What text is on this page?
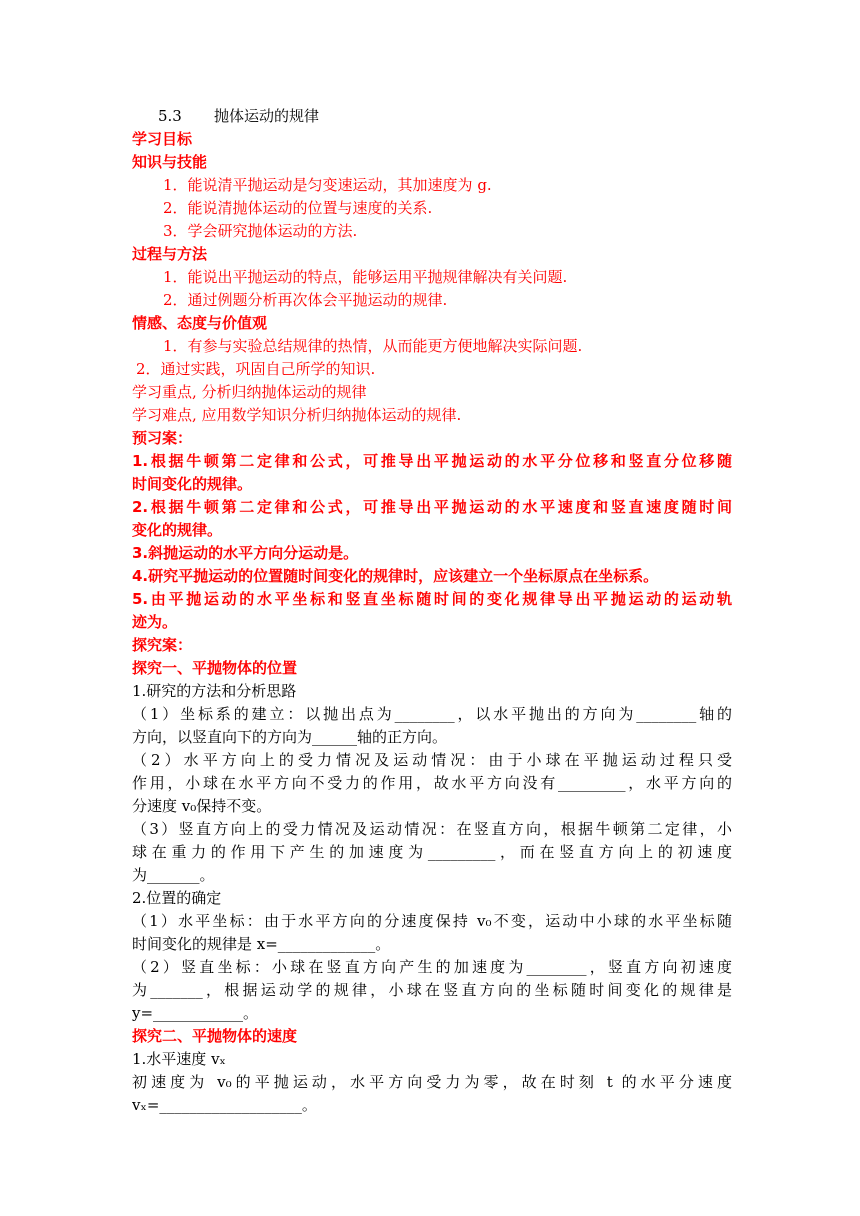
5.3 抛体运动的规律
学习目标
知识与技能
1．能说清平抛运动是匀变速运动，其加速度为 g.
2．能说清抛体运动的位置与速度的关系.
3．学会研究抛体运动的方法.
过程与方法
1．能说出平抛运动的特点，能够运用平抛规律解决有关问题.
2．通过例题分析再次体会平抛运动的规律.
情感、态度与价值观
1．有参与实验总结规律的热情，从而能更方便地解决实际问题.
2．通过实践，巩固自己所学的知识.
学习重点, 分析归纳抛体运动的规律
学习难点, 应用数学知识分析归纳抛体运动的规律.
预习案：
1.根据牛顿第二定律和公式，可推导出平抛运动的水平分位移和竖直分位移随
时间变化的规律。
2.根据牛顿第二定律和公式，可推导出平抛运动的水平速度和竖直速度随时间
变化的规律。
3.斜抛运动的水平方向分运动是。
4.研究平抛运动的位置随时间变化的规律时，应该建立一个坐标原点在坐标系。
5.由平抛运动的水平坐标和竖直坐标随时间的变化规律导出平抛运动的运动轨
迹为。
探究案：
探究一、平抛物体的位置
1.研究的方法和分析思路
（1）坐标系的建立：以抛出点为________，以水平抛出的方向为________轴的
方向，以竖直向下的方向为______轴的正方向。
（2）水平方向上的受力情况及运动情况：由于小球在平抛运动过程只受
作用，小球在水平方向不受力的作用，故水平方向没有_________，水平方向的
分速度 v₀保持不变。
（3）竖直方向上的受力情况及运动情况：在竖直方向，根据牛顿第二定律，小
球在重力的作用下产生的加速度为_________，而在竖直方向上的初速度
为_______。
2.位置的确定
（1）水平坐标：由于水平方向的分速度保持 v₀不变，运动中小球的水平坐标随
时间变化的规律是 x=_____________。
（2）竖直坐标：小球在竖直方向产生的加速度为________，竖直方向初速度
为_______，根据运动学的规律，小球在竖直方向的坐标随时间变化的规律是
y=____________。
探究二、平抛物体的速度
1.水平速度 vₓ
初速度为 v₀的平抛运动，水平方向受力为零，故在时刻 t 的水平分速度
vₓ=___________________。
